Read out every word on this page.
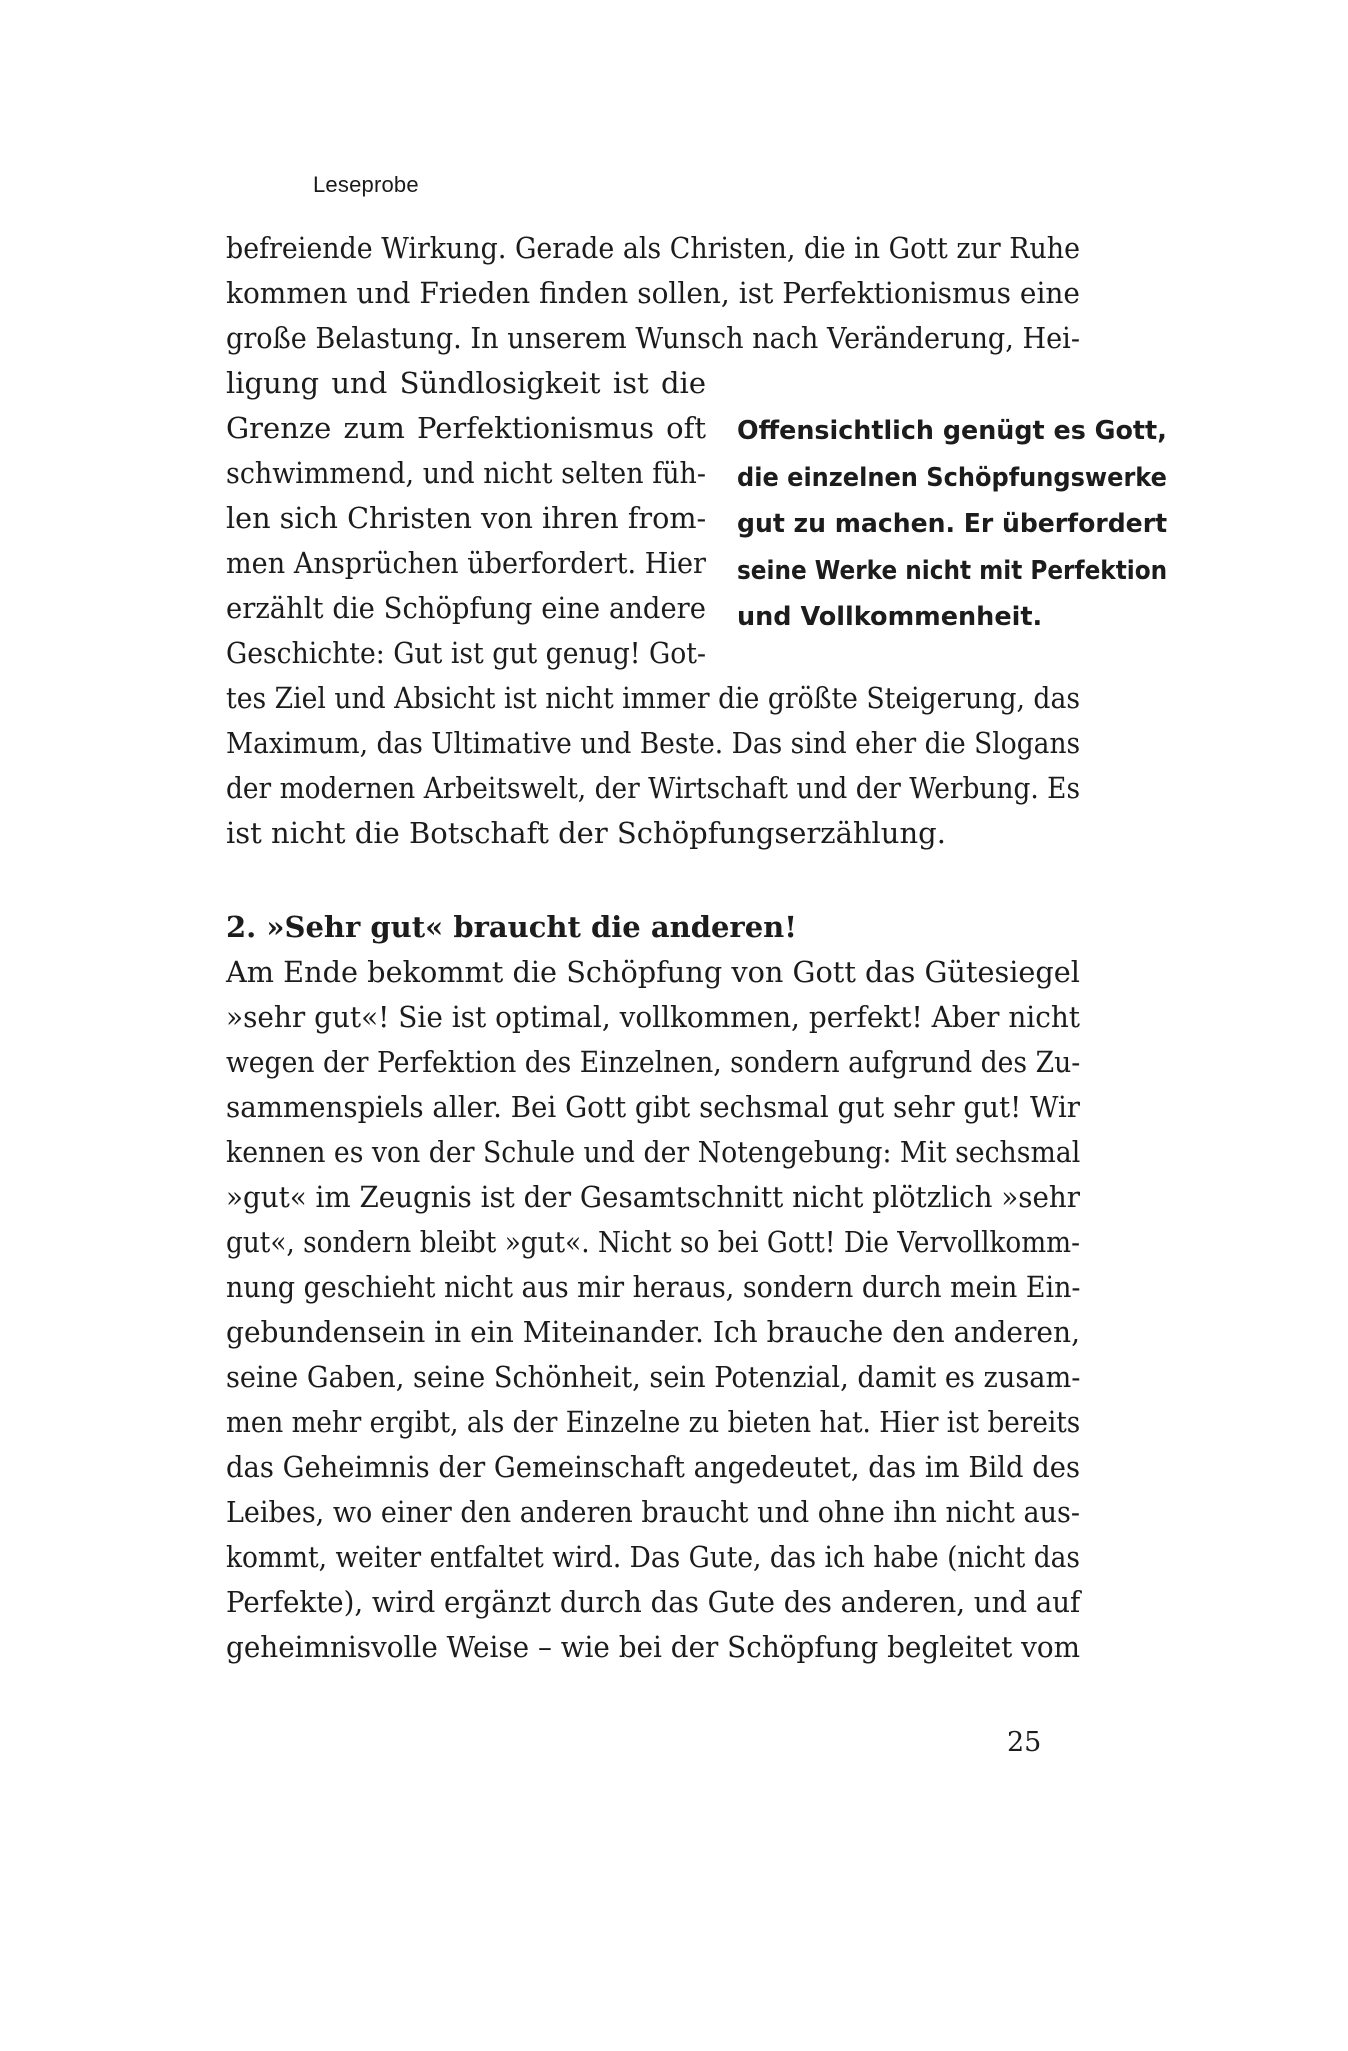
Leseprobe
befreiende Wirkung. Gerade als Christen, die in Gott zur Ruhe
kommen und Frieden finden sollen, ist Perfektionismus eine
große Belastung. In unserem Wunsch nach Veränderung, Hei-
ligung und Sündlosigkeit ist die
Grenze zum Perfektionismus oft
schwimmend, und nicht selten füh-
len sich Christen von ihren from-
men Ansprüchen überfordert. Hier
erzählt die Schöpfung eine andere
Geschichte: Gut ist gut genug! Got-
tes Ziel und Absicht ist nicht immer die größte Steigerung, das
Maximum, das Ultimative und Beste. Das sind eher die Slogans
der modernen Arbeitswelt, der Wirtschaft und der Werbung. Es
ist nicht die Botschaft der Schöpfungserzählung.
Offensichtlich genügt es Gott,
die einzelnen Schöpfungswerke
gut zu machen. Er überfordert
seine Werke nicht mit Perfektion
und Vollkommenheit.
2. »Sehr gut« braucht die anderen!
Am Ende bekommt die Schöpfung von Gott das Gütesiegel
»sehr gut«! Sie ist optimal, vollkommen, perfekt! Aber nicht
wegen der Perfektion des Einzelnen, sondern aufgrund des Zu-
sammenspiels aller. Bei Gott gibt sechsmal gut sehr gut! Wir
kennen es von der Schule und der Notengebung: Mit sechsmal
»gut« im Zeugnis ist der Gesamtschnitt nicht plötzlich »sehr
gut«, sondern bleibt »gut«. Nicht so bei Gott! Die Vervollkomm-
nung geschieht nicht aus mir heraus, sondern durch mein Ein-
gebundensein in ein Miteinander. Ich brauche den anderen,
seine Gaben, seine Schönheit, sein Potenzial, damit es zusam-
men mehr ergibt, als der Einzelne zu bieten hat. Hier ist bereits
das Geheimnis der Gemeinschaft angedeutet, das im Bild des
Leibes, wo einer den anderen braucht und ohne ihn nicht aus-
kommt, weiter entfaltet wird. Das Gute, das ich habe (nicht das
Perfekte), wird ergänzt durch das Gute des anderen, und auf
geheimnisvolle Weise – wie bei der Schöpfung begleitet vom
25
